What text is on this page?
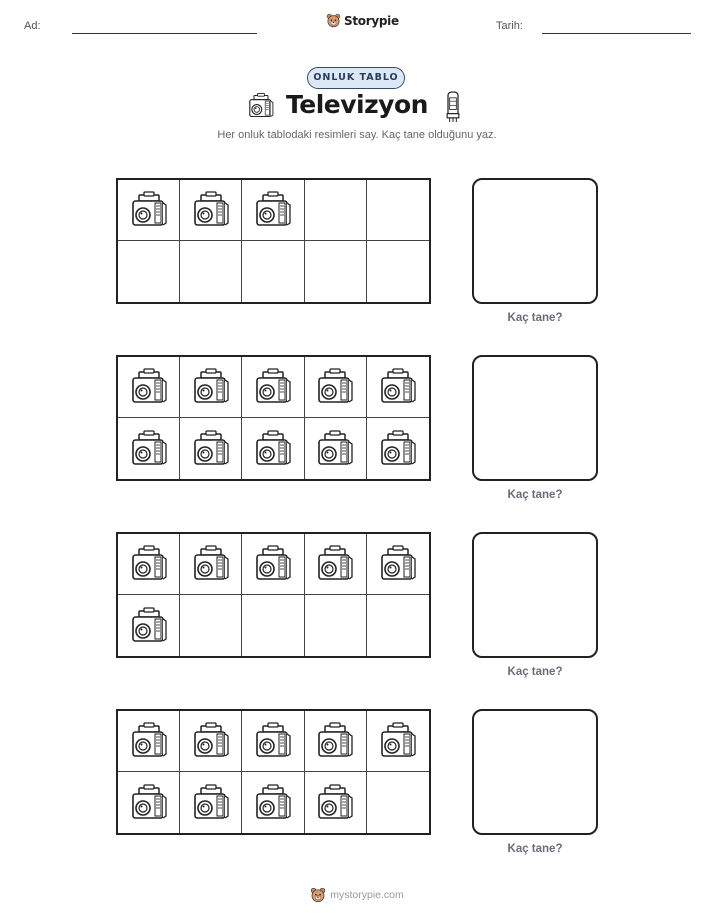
Ad:	Storypie	Tarih:
ONLUK TABLO
Televizyon
Her onluk tablodaki resimleri say. Kaç tane olduğunu yaz.
Kaç tane?
Kaç tane?
Kaç tane?
Kaç tane?
mystorypie.com
